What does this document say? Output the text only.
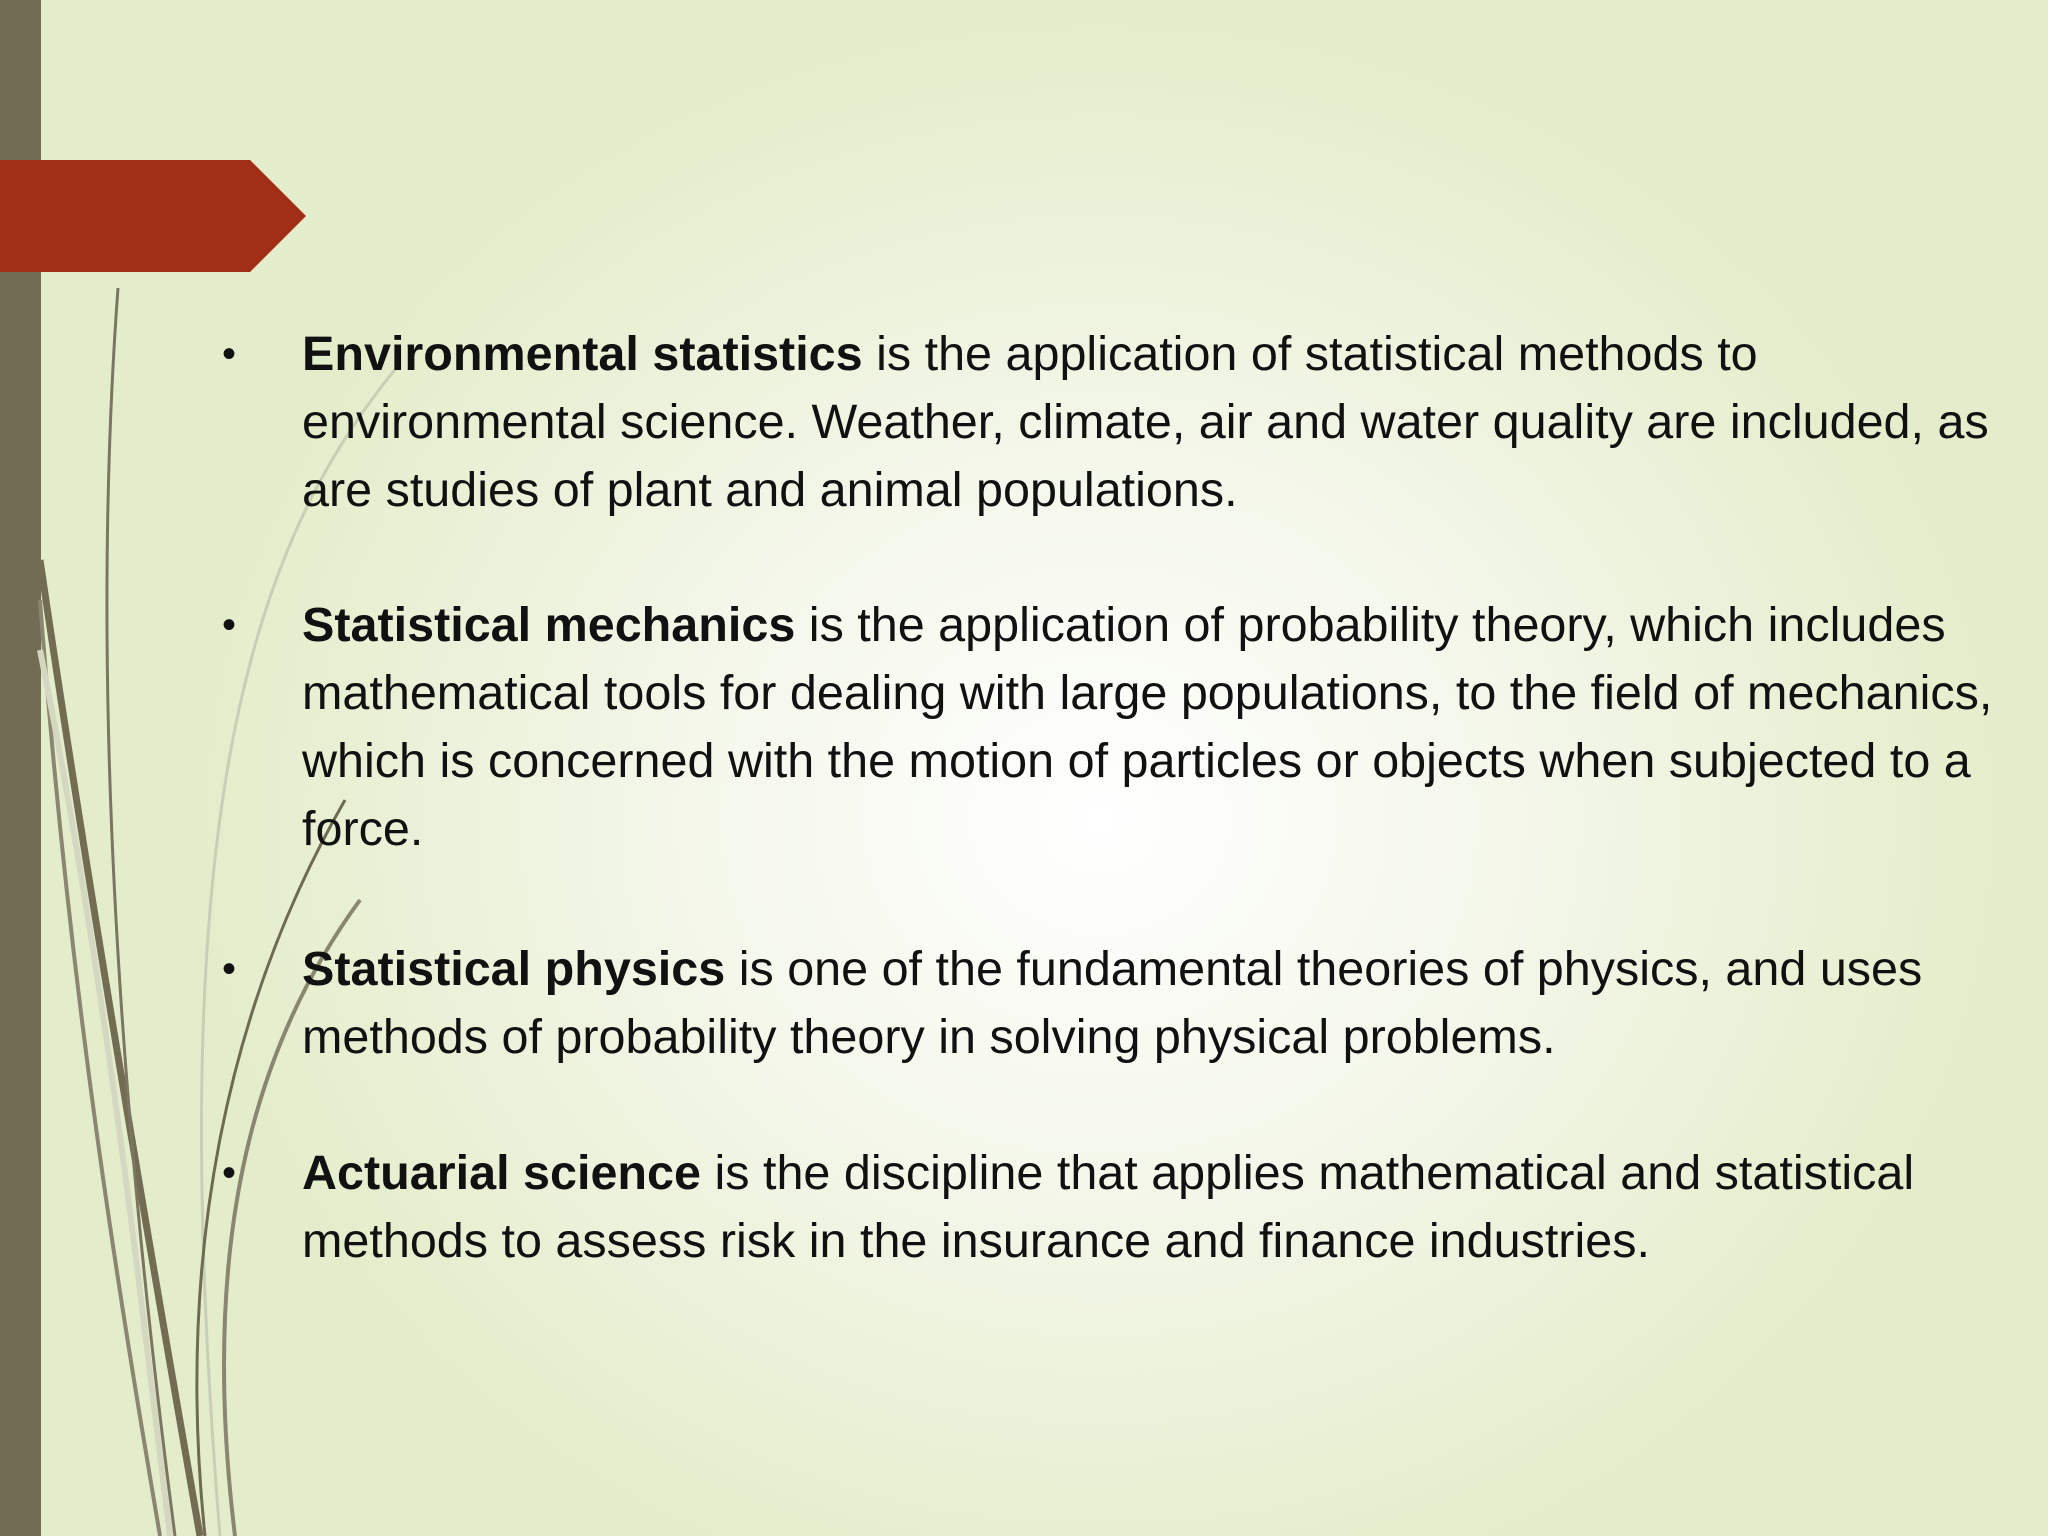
• Environmental statistics is the application of statistical methods to environmental science. Weather, climate, air and water quality are included, as are studies of plant and animal populations.
• Statistical mechanics is the application of probability theory, which includes mathematical tools for dealing with large populations, to the field of mechanics, which is concerned with the motion of particles or objects when subjected to a force.
• Statistical physics is one of the fundamental theories of physics, and uses methods of probability theory in solving physical problems.
• Actuarial science is the discipline that applies mathematical and statistical methods to assess risk in the insurance and finance industries.
